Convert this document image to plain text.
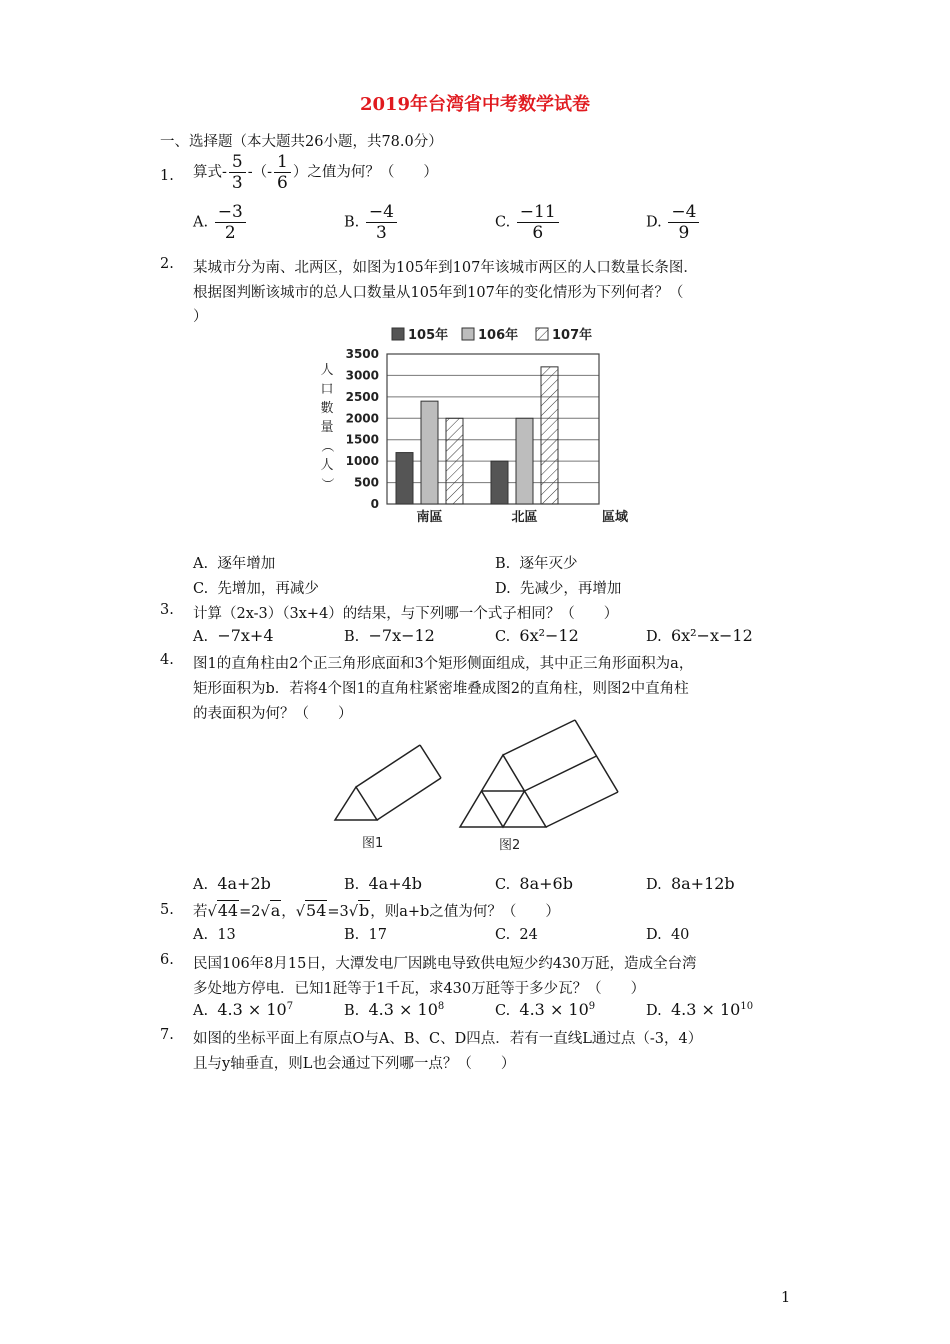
2019年台湾省中考数学试卷
一、选择题（本大题共26小题，共78.0分）
1.	算式- $\frac{5}{3}$ -（- $\frac{1}{6}$ ）之值为何？（　　）
A. $\frac{-3}{2}$	B. $\frac{-4}{3}$	C. $\frac{-11}{6}$	D. $\frac{-4}{9}$
2.	某城市分为南、北两区，如图为105年到107年该城市两区的人口数量长条图．
根据图判断该城市的总人口数量从105年到107年的变化情形为下列何者？（
）
105年 106年	107年
0
500
1000
1500
2000
2500
3000
3500
人
口
數
量
（
人
）
南區	北區	區域
A. 逐年增加	B. 逐年灭少
C. 先增加，再减少	D. 先减少，再增加
3.	计算（2x-3）（3x+4）的结果，与下列哪一个式子相同？（　　）
A. −7x+4	B. −7x−12	C. 6x²−12	D. 6x²−x−12
4.	图1的直角柱由2个正三角形底面和3个矩形侧面组成，其中正三角形面积为a，
矩形面积为b．若将4个图1的直角柱紧密堆叠成图2的直角柱，则图2中直角柱
的表面积为何？（　　）
图1	图2
A. 4a+2b	B. 4a+4b	C. 8a+6b	D. 8a+12b
5.	若√44=2√a，√54=3√b，则a+b之值为何？（　　）
A. 13	B. 17	C. 24	D. 40
6.	民国106年8月15日，大潭发电厂因跳电导致供电短少约430万瓩，造成全台湾
多处地方停电．已知1瓩等于1千瓦，求430万瓩等于多少瓦？（　　）
A. $4.3 \times 10^7$	B. $4.3 \times 10^8$	C. $4.3 \times 10^9$	D. $4.3 \times 10^{10}$
7.	如图的坐标平面上有原点O与A、B、C、D四点．若有一直线L通过点（-3，4）
且与y轴垂直，则L也会通过下列哪一点？（　　）
1
